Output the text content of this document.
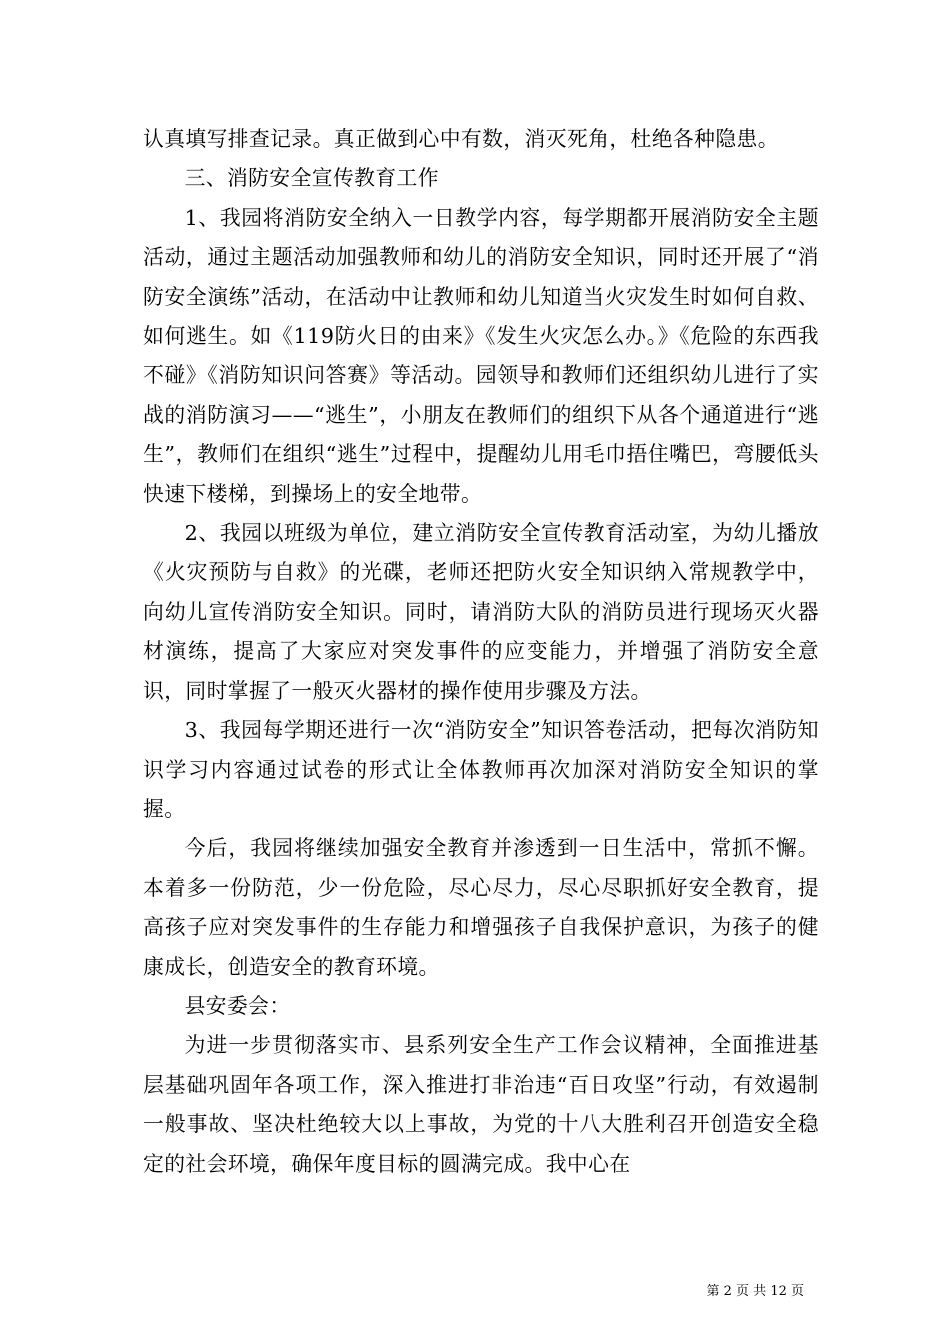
认真填写排查记录。真正做到心中有数，消灭死角，杜绝各种隐患。

三、消防安全宣传教育工作

1、我园将消防安全纳入一日教学内容，每学期都开展消防安全主题活动，通过主题活动加强教师和幼儿的消防安全知识，同时还开展了“消防安全演练”活动，在活动中让教师和幼儿知道当火灾发生时如何自救、如何逃生。如《119防火日的由来》《发生火灾怎么办。》《危险的东西我不碰》《消防知识问答赛》等活动。园领导和教师们还组织幼儿进行了实战的消防演习——“逃生”，小朋友在教师们的组织下从各个通道进行“逃生”，教师们在组织“逃生”过程中，提醒幼儿用毛巾捂住嘴巴，弯腰低头快速下楼梯，到操场上的安全地带。

2、我园以班级为单位，建立消防安全宣传教育活动室，为幼儿播放《火灾预防与自救》的光碟，老师还把防火安全知识纳入常规教学中，向幼儿宣传消防安全知识。同时，请消防大队的消防员进行现场灭火器材演练，提高了大家应对突发事件的应变能力，并增强了消防安全意识，同时掌握了一般灭火器材的操作使用步骤及方法。

3、我园每学期还进行一次“消防安全”知识答卷活动，把每次消防知识学习内容通过试卷的形式让全体教师再次加深对消防安全知识的掌握。

今后，我园将继续加强安全教育并渗透到一日生活中，常抓不懈。本着多一份防范，少一份危险，尽心尽力，尽心尽职抓好安全教育，提高孩子应对突发事件的生存能力和增强孩子自我保护意识，为孩子的健康成长，创造安全的教育环境。

县安委会：

为进一步贯彻落实市、县系列安全生产工作会议精神，全面推进基层基础巩固年各项工作，深入推进打非治违“百日攻坚”行动，有效遏制一般事故、坚决杜绝较大以上事故，为党的十八大胜利召开创造安全稳定的社会环境，确保年度目标的圆满完成。我中心在

第 2 页 共 12 页
